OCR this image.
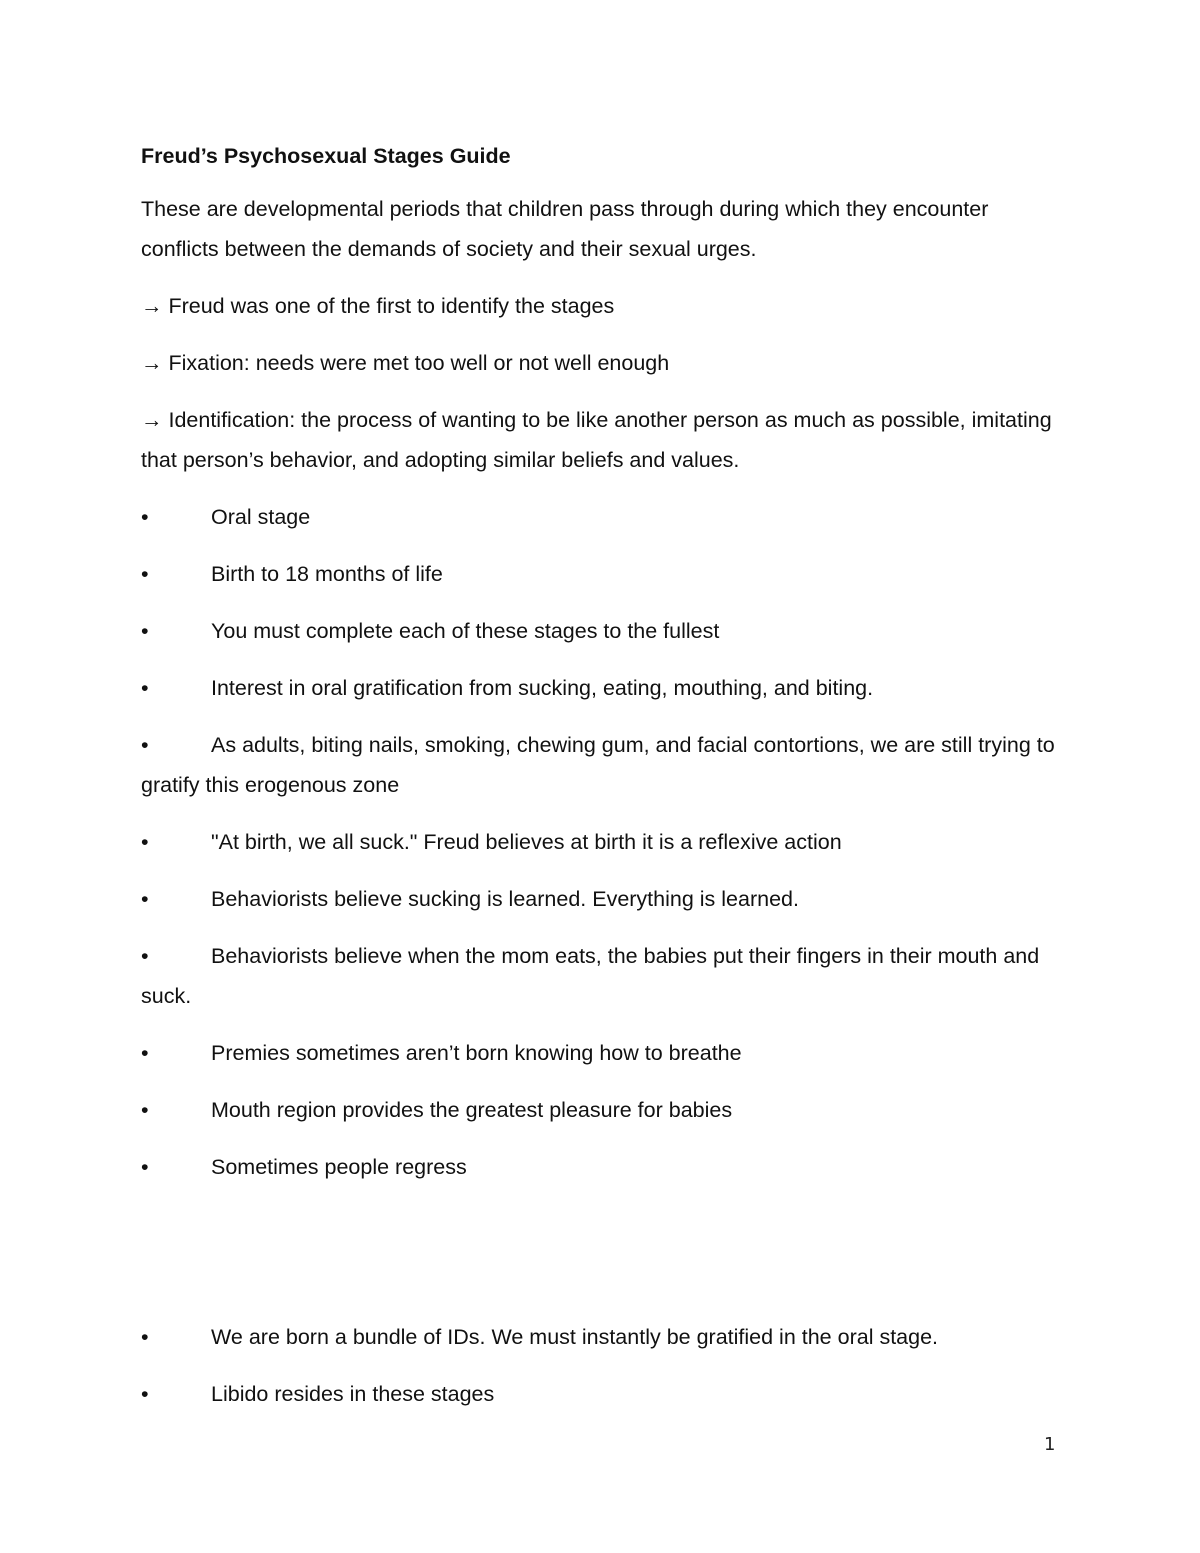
Freud’s Psychosexual Stages Guide
These are developmental periods that children pass through during which they encounter conflicts between the demands of society and their sexual urges.
→ Freud was one of the first to identify the stages
→ Fixation: needs were met too well or not well enough
→ Identification: the process of wanting to be like another person as much as possible, imitating that person’s behavior, and adopting similar beliefs and values.
•	Oral stage
•	Birth to 18 months of life
•	You must complete each of these stages to the fullest
•	Interest in oral gratification from sucking, eating, mouthing, and biting.
•	As adults, biting nails, smoking, chewing gum, and facial contortions, we are still trying to gratify this erogenous zone
•	"At birth, we all suck." Freud believes at birth it is a reflexive action
•	Behaviorists believe sucking is learned. Everything is learned.
•	Behaviorists believe when the mom eats, the babies put their fingers in their mouth and suck.
•	Premies sometimes aren’t born knowing how to breathe
•	Mouth region provides the greatest pleasure for babies
•	Sometimes people regress
•	We are born a bundle of IDs. We must instantly be gratified in the oral stage.
•	Libido resides in these stages
1
